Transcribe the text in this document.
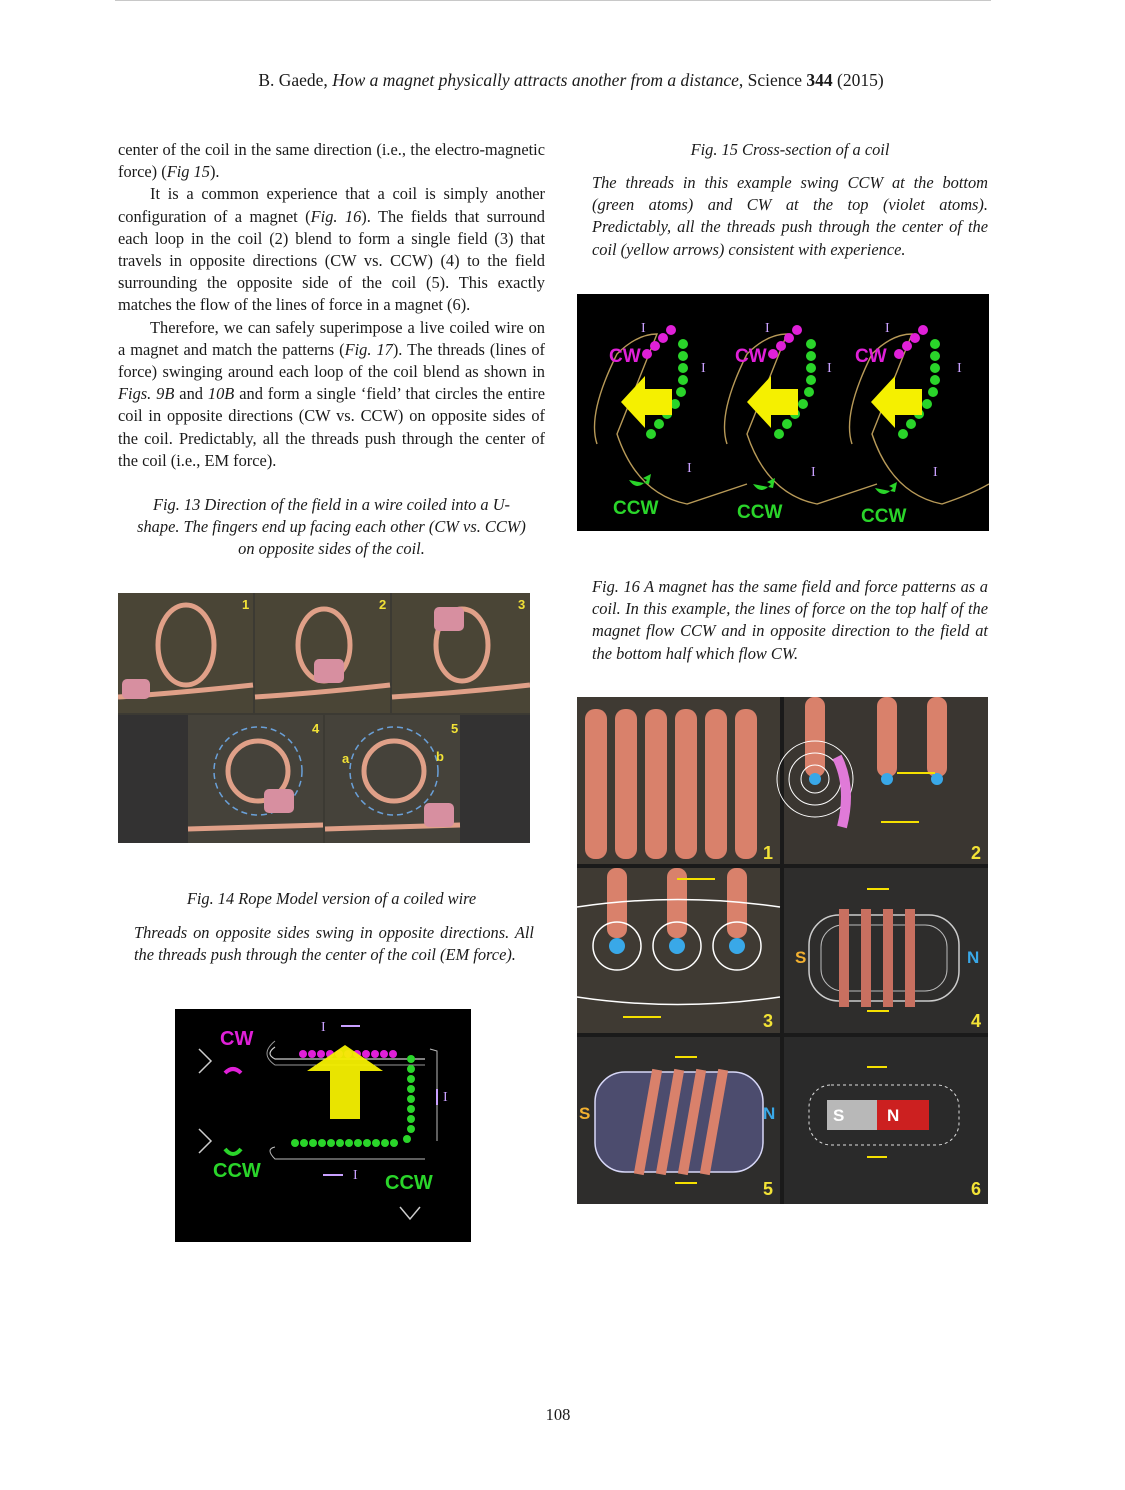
B. Gaede, How a magnet physically attracts another from a distance, Science 344 (2015)

center of the coil in the same direction (i.e., the electro-magnetic force) (Fig 15).

It is a common experience that a coil is simply another configuration of a magnet (Fig. 16). The fields that surround each loop in the coil (2) blend to form a single field (3) that travels in opposite directions (CW vs. CCW) (4) to the field surrounding the opposite side of the coil (5). This exactly matches the flow of the lines of force in a magnet (6).

Therefore, we can safely superimpose a live coiled wire on a magnet and match the patterns (Fig. 17). The threads (lines of force) swinging around each loop of the coil blend as shown in Figs. 9B and 10B and form a single ‘field’ that circles the entire coil in opposite directions (CW vs. CCW) on opposite sides of the coil. Predictably, all the threads push through the center of the coil (i.e., EM force).

Fig. 13 Direction of the field in a wire coiled into a U-shape. The fingers end up facing each other (CW vs. CCW) on opposite sides of the coil.
1	2	3
4	5
a	b
Fig. 14 Rope Model version of a coiled wire
Threads on opposite sides swing in opposite directions. All the threads push through the center of the coil (EM force).
CW
CCW
CCW
I
I
I
Fig. 15 Cross-section of a coil
The threads in this example swing CCW at the bottom (green atoms) and CW at the top (violet atoms). Predictably, all the threads push through the center of the coil (yellow arrows) consistent with experience.
CW	CW	CW
CCW	CCW	CCW
I	I	I
I	I	I
I	I	I
Fig. 16 A magnet has the same field and force patterns as a coil. In this example, the lines of force on the top half of the magnet flow CCW and in opposite direction to the field at the bottom half which flow CW.
1	2
3	4
5	6
S	N
S	N	S	N
108
